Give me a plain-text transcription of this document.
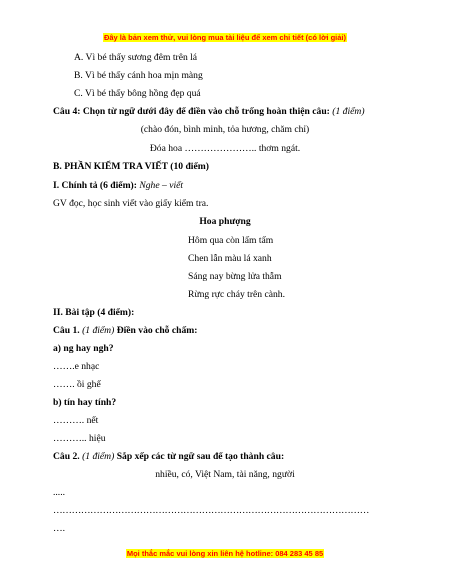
Đây là bản xem thử, vui lòng mua tài liệu để xem chi tiết (có lời giải)
A. Vì bé thấy sương đêm trên lá
B. Vì bé thấy cánh hoa mịn màng
C. Vì bé thấy bông hồng đẹp quá
Câu 4: Chọn từ ngữ dưới đây để điền vào chỗ trống hoàn thiện câu: (1 điểm)
(chào đón, bình minh, tỏa hương, chăm chỉ)
Đóa hoa ………………….. thơm ngát.
B. PHẦN KIỂM TRA VIẾT (10 điểm)
I. Chính tả (6 điểm): Nghe – viết
GV đọc, học sinh viết vào giấy kiểm tra.
Hoa phượng
Hôm qua còn lấm tấm
Chen lẫn màu lá xanh
Sáng nay bừng lửa thẫm
Rừng rực cháy trên cành.
II. Bài tập (4 điểm):
Câu 1. (1 điểm) Điền vào chỗ chấm:
a) ng hay ngh?
…….e nhạc
……. ồi ghế
b) tín hay tính?
………. nết
……….. hiệu
Câu 2. (1 điểm) Sắp xếp các từ ngữ sau để tạo thành câu:
nhiều, có, Việt Nam, tài năng, người
.....
…………………………………………………………………………………………
….
Mọi thắc mắc vui lòng xin liên hệ hotline: 084 283 45 85
